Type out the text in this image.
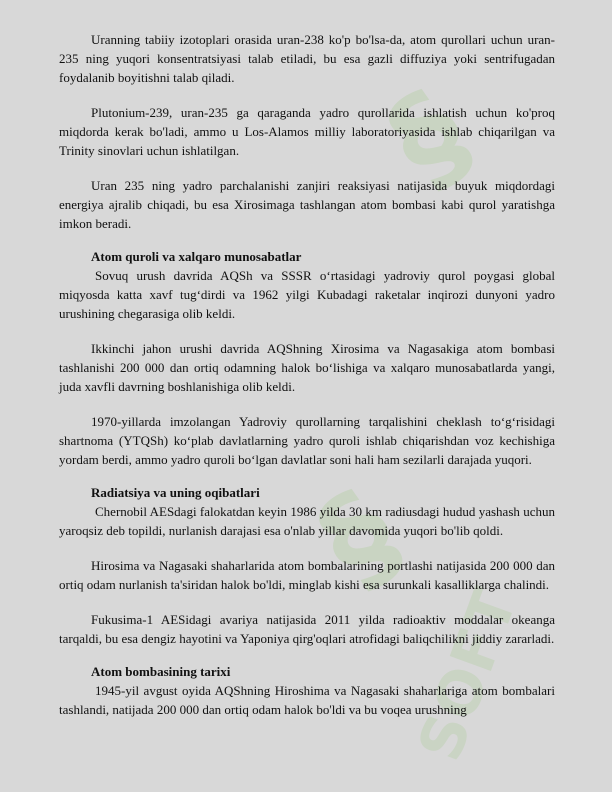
§
§
SOFT

Uranning tabiiy izotoplari orasida uran-238 ko'p bo'lsa-da, atom qurollari uchun uran-235 ning yuqori konsentratsiyasi talab etiladi, bu esa gazli diffuziya yoki sentrifugadan foydalanib boyitishni talab qiladi.

Plutonium-239, uran-235 ga qaraganda yadro qurollarida ishlatish uchun ko'proq miqdorda kerak bo'ladi, ammo u Los-Alamos milliy laboratoriyasida ishlab chiqarilgan va Trinity sinovlari uchun ishlatilgan.

Uran 235 ning yadro parchalanishi zanjiri reaksiyasi natijasida buyuk miqdordagi energiya ajralib chiqadi, bu esa Xirosimaga tashlangan atom bombasi kabi qurol yaratishga imkon beradi.

Atom quroli va xalqaro munosabatlar

Sovuq urush davrida AQSh va SSSR o‘rtasidagi yadroviy qurol poygasi global miqyosda katta xavf tug‘dirdi va 1962 yilgi Kubadagi raketalar inqirozi dunyoni yadro urushining chegarasiga olib keldi.

Ikkinchi jahon urushi davrida AQShning Xirosima va Nagasakiga atom bombasi tashlanishi 200 000 dan ortiq odamning halok bo‘lishiga va xalqaro munosabatlarda yangi, juda xavfli davrning boshlanishiga olib keldi.

1970-yillarda imzolangan Yadroviy qurollarning tarqalishini cheklash to‘g‘risidagi shartnoma (YTQSh) ko‘plab davlatlarning yadro quroli ishlab chiqarishdan voz kechishiga yordam berdi, ammo yadro quroli bo‘lgan davlatlar soni hali ham sezilarli darajada yuqori.

Radiatsiya va uning oqibatlari

Chernobil AESdagi falokatdan keyin 1986 yilda 30 km radiusdagi hudud yashash uchun yaroqsiz deb topildi, nurlanish darajasi esa o'nlab yillar davomida yuqori bo'lib qoldi.

Hirosima va Nagasaki shaharlarida atom bombalarining portlashi natijasida 200 000 dan ortiq odam nurlanish ta'siridan halok bo'ldi, minglab kishi esa surunkali kasalliklarga chalindi.

Fukusima-1 AESidagi avariya natijasida 2011 yilda radioaktiv moddalar okeanga tarqaldi, bu esa dengiz hayotini va Yaponiya qirg'oqlari atrofidagi baliqchilikni jiddiy zararladi.

Atom bombasining tarixi

1945-yil avgust oyida AQShning Hiroshima va Nagasaki shaharlariga atom bombalari tashlandi, natijada 200 000 dan ortiq odam halok bo'ldi va bu voqea urushning
